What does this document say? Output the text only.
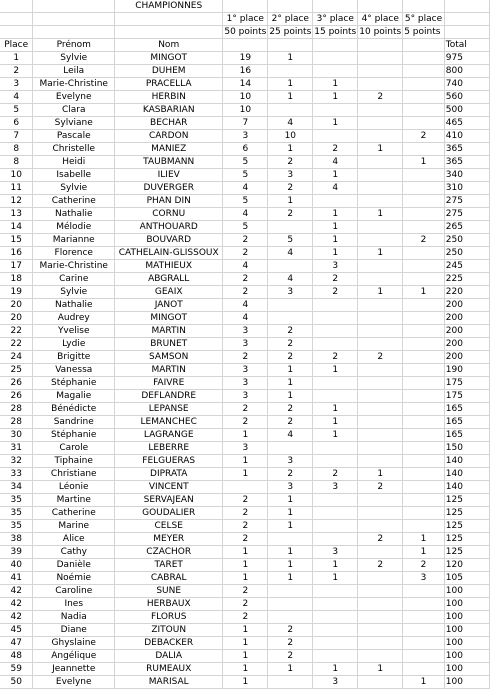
		CHAMPIONNES						
			1° place	2° place	3° place	4° place	5° place	
			50 points	25 points	15 points	10 points	5 points	
Place	Prénom	Nom						Total
1	Sylvie	MINGOT	19	1				975
2	Leila	DUHEM	16					800
3	Marie-Christine	PRACELLA	14	1	1			740
4	Evelyne	HERBIN	10	1	1	2		560
5	Clara	KASBARIAN	10					500
6	Sylviane	BECHAR	7	4	1			465
7	Pascale	CARDON	3	10			2	410
8	Christelle	MANIEZ	6	1	2	1		365
8	Heidi	TAUBMANN	5	2	4		1	365
10	Isabelle	ILIEV	5	3	1			340
11	Sylvie	DUVERGER	4	2	4			310
12	Catherine	PHAN DIN	5	1				275
13	Nathalie	CORNU	4	2	1	1		275
14	Mélodie	ANTHOUARD	5		1			265
15	Marianne	BOUVARD	2	5	1		2	250
16	Florence	CATHELAIN-GLISSOUX	2	4	1	1		250
17	Marie-Christine	MATHIEUX	4		3			245
18	Carine	ABGRALL	2	4	2			225
19	Sylvie	GEAIX	2	3	2	1	1	220
20	Nathalie	JANOT	4					200
20	Audrey	MINGOT	4					200
22	Yvelise	MARTIN	3	2				200
22	Lydie	BRUNET	3	2				200
24	Brigitte	SAMSON	2	2	2	2		200
25	Vanessa	MARTIN	3	1	1			190
26	Stéphanie	FAIVRE	3	1				175
26	Magalie	DEFLANDRE	3	1				175
28	Bénédicte	LEPANSE	2	2	1			165
28	Sandrine	LEMANCHEC	2	2	1			165
30	Stéphanie	LAGRANGE	1	4	1			165
31	Carole	LEBERRE	3					150
32	Tiphaine	FELGUERAS	1	3				140
33	Christiane	DIPRATA	1	2	2	1		140
34	Léonie	VINCENT		3	3	2		140
35	Martine	SERVAJEAN	2	1				125
35	Catherine	GOUDALIER	2	1				125
35	Marine	CELSE	2	1				125
38	Alice	MEYER	2			2	1	125
39	Cathy	CZACHOR	1	1	3		1	125
40	Danièle	TARET	1	1	1	2	2	120
41	Noémie	CABRAL	1	1	1		3	105
42	Caroline	SUNE	2					100
42	Ines	HERBAUX	2					100
42	Nadia	FLORUS	2					100
45	Diane	ZITOUN	1	2				100
47	Ghyslaine	DEBACKER	1	2				100
48	Angélique	DALIA	1	2				100
59	Jeannette	RUMEAUX	1	1	1	1		100
50	Evelyne	MARISAL	1		3		1	100
